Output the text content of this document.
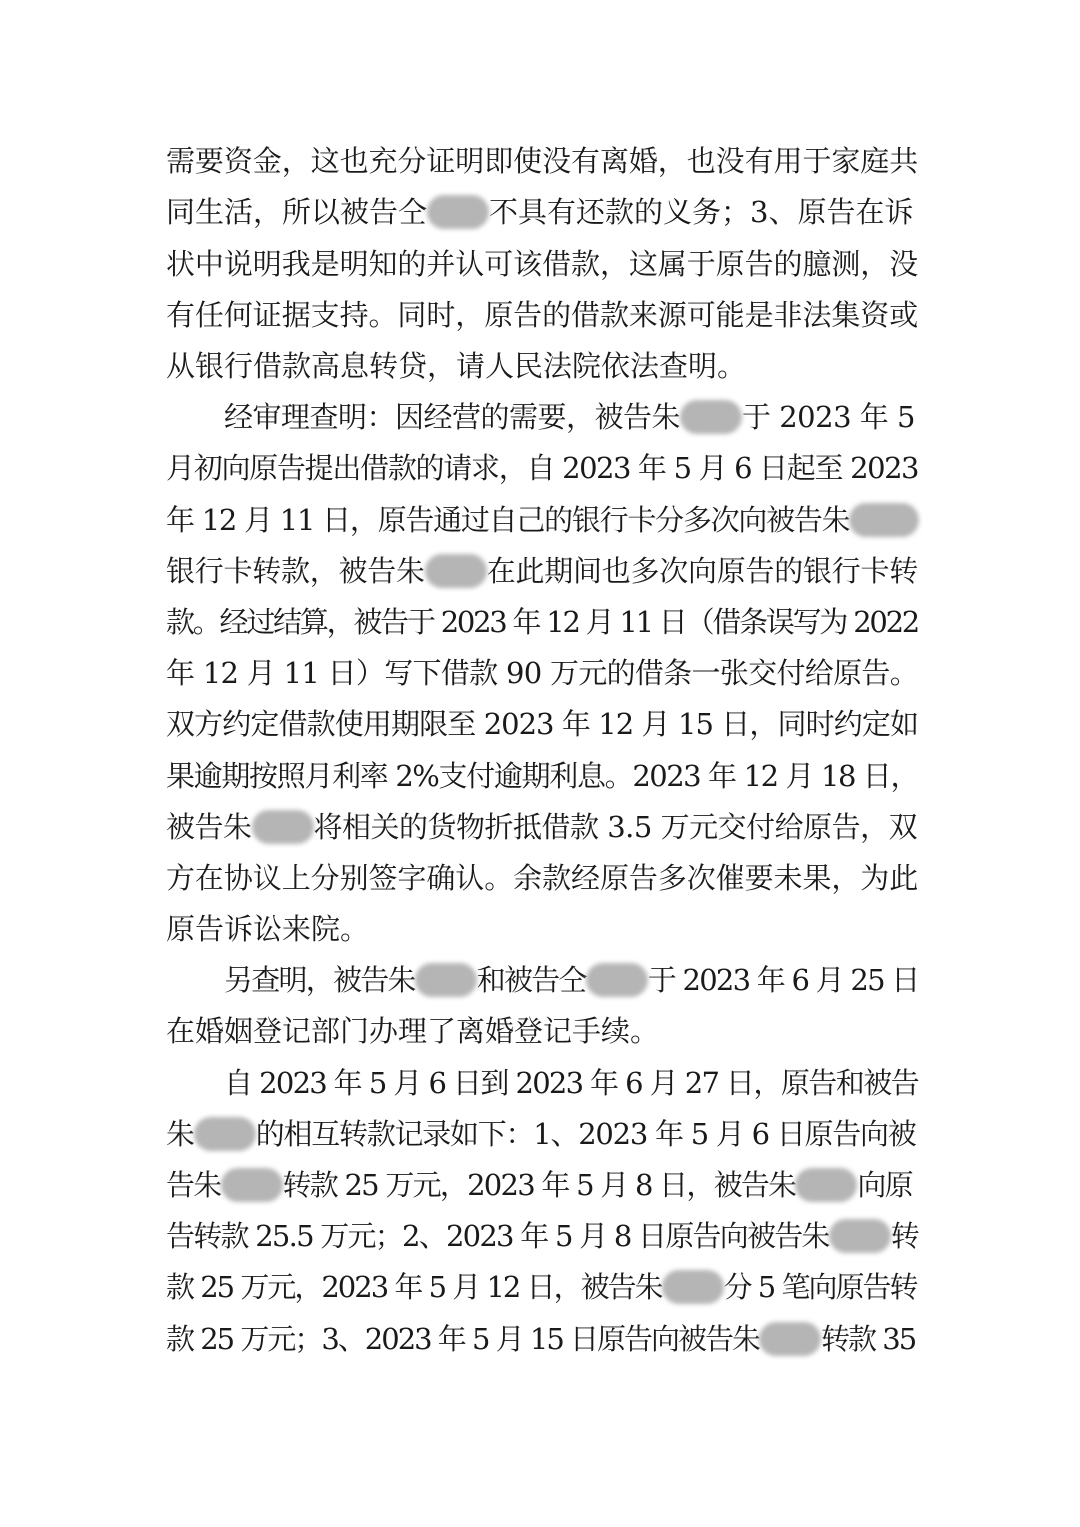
需要资金，这也充分证明即使没有离婚，也没有用于家庭共
同生活，所以被告仝 不具有还款的义务；3、原告在诉
状中说明我是明知的并认可该借款，这属于原告的臆测，没
有任何证据支持。同时，原告的借款来源可能是非法集资或
从银行借款高息转贷，请人民法院依法查明。
经审理查明：因经营的需要，被告朱 于 2023 年 5
月初向原告提出借款的请求，自 2023 年 5 月 6 日起至 2023
年 12 月 11 日，原告通过自己的银行卡分多次向被告朱
银行卡转款，被告朱 在此期间也多次向原告的银行卡转
款。经过结算，被告于 2023 年 12 月 11 日（借条误写为 2022
年 12 月 11 日）写下借款 90 万元的借条一张交付给原告。
双方约定借款使用期限至 2023 年 12 月 15 日，同时约定如
果逾期按照月利率 2%支付逾期利息。2023 年 12 月 18 日，
被告朱 将相关的货物折抵借款 3.5 万元交付给原告，双
方在协议上分别签字确认。余款经原告多次催要未果，为此
原告诉讼来院。
另查明，被告朱 和被告仝 于 2023 年 6 月 25 日
在婚姻登记部门办理了离婚登记手续。
自 2023 年 5 月 6 日到 2023 年 6 月 27 日，原告和被告
朱 的相互转款记录如下：1、2023 年 5 月 6 日原告向被
告朱 转款 25 万元，2023 年 5 月 8 日，被告朱 向原
告转款 25.5 万元；2、2023 年 5 月 8 日原告向被告朱 转
款 25 万元，2023 年 5 月 12 日，被告朱 分 5 笔向原告转
款 25 万元；3、2023 年 5 月 15 日原告向被告朱 转款 35
